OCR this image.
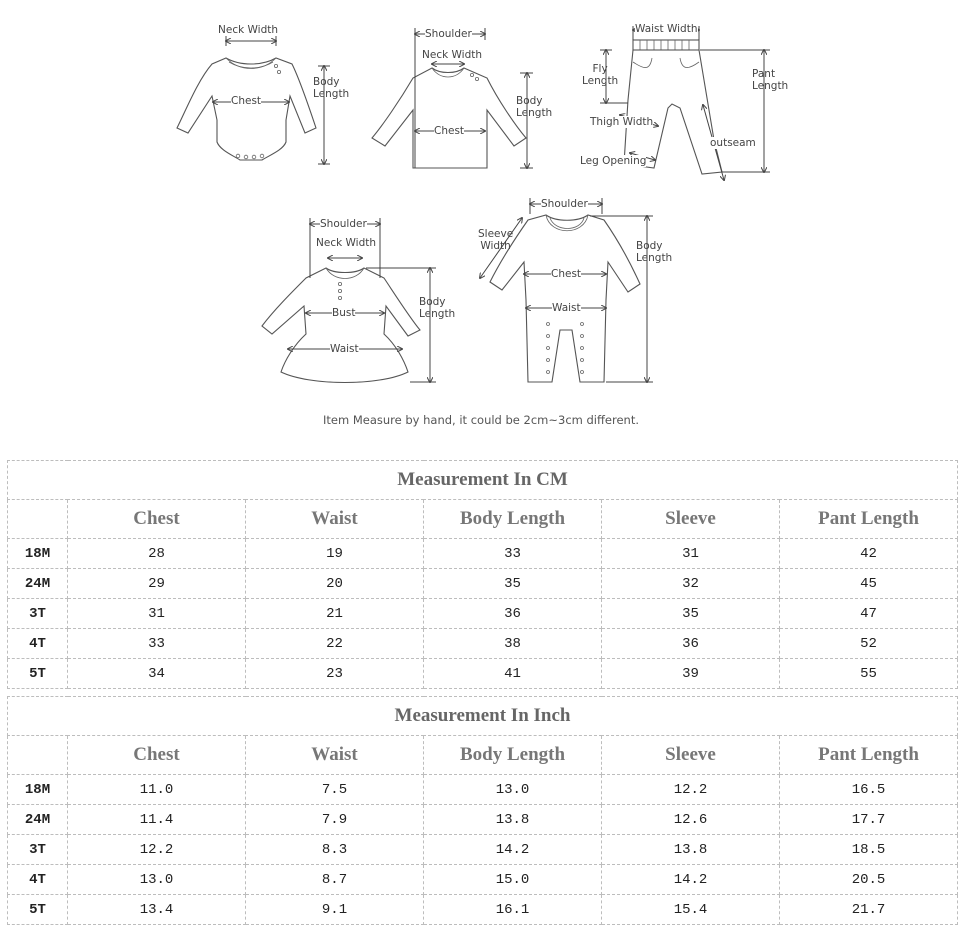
Neck Width
Chest
Body
Length
Shoulder
Neck Width
Chest
Body
Length
Waist Width
Fly
Length
Pant
Length
Thigh Width
outseam
Leg Opening
Shoulder
Neck Width
Bust
Waist
Body
Length
Shoulder
Sleeve
Width
Chest
Waist
Body
Length
Item Measure by hand, it could be 2cm~3cm different.
Measurement In CM					
	Chest	Waist	Body Length	Sleeve	Pant Length
18M	28	19	33	31	42
24M	29	20	35	32	45
3T	31	21	36	35	47
4T	33	22	38	36	52
5T	34	23	41	39	55
Measurement In Inch					
	Chest	Waist	Body Length	Sleeve	Pant Length
18M	11.0	7.5	13.0	12.2	16.5
24M	11.4	7.9	13.8	12.6	17.7
3T	12.2	8.3	14.2	13.8	18.5
4T	13.0	8.7	15.0	14.2	20.5
5T	13.4	9.1	16.1	15.4	21.7
